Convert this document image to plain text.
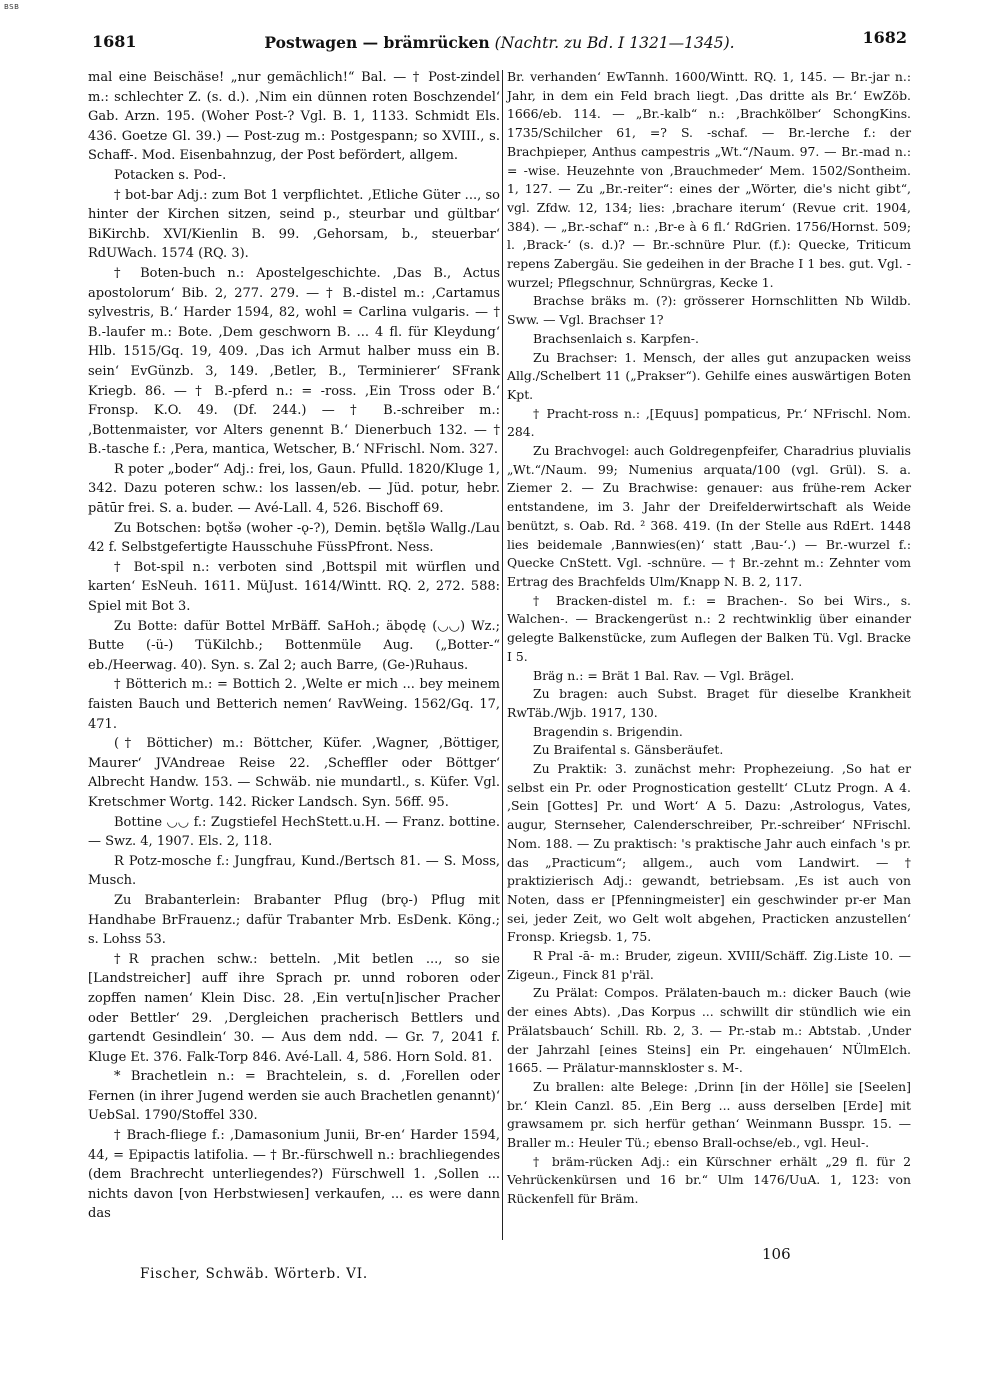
BSB
1681	Postwagen — brämrücken (Nachtr. zu Bd. I 1321—1345).	1682

mal eine Beischäse! „nur gemächlich!“ Bal. — † Post-zindel m.: schlechter Z. (s. d.). ‚Nim ein dünnen roten Boschzendel‘ Gab. Arzn. 195. (Woher Post-? Vgl. B. 1, 1133. Schmidt Els. 436. Goetze Gl. 39.) — Post-zug m.: Postgespann; so XVIII., s. Schaff-. Mod. Eisenbahnzug, der Post befördert, allgem.

Potacken s. Pod-.

† bot-bar Adj.: zum Bot 1 verpflichtet. ‚Etliche Güter ..., so hinter der Kirchen sitzen, seind p., steurbar und gültbar‘ BiKirchb. XVI/Kienlin B. 99. ‚Gehorsam, b., steuerbar‘ RdUWach. 1574 (RQ. 3).

† Boten-buch n.: Apostelgeschichte. ‚Das B., Actus apostolorum‘ Bib. 2, 277. 279. — † B.-distel m.: ‚Cartamus sylvestris, B.‘ Harder 1594, 82, wohl = Carlina vulgaris. — † B.-laufer m.: Bote. ‚Dem geschworn B. ... 4 fl. für Kleydung‘ Hlb. 1515/Gq. 19, 409. ‚Das ich Armut halber muss ein B. sein‘ EvGünzb. 3, 149. ‚Betler, B., Terminierer‘ SFrank Kriegb. 86. — † B.-pferd n.: = -ross. ‚Ein Tross oder B.‘ Fronsp. K.O. 49. (Df. 244.) — † B.-schreiber m.: ‚Bottenmaister, vor Alters genennt B.‘ Dienerbuch 132. — † B.-tasche f.: ‚Pera, mantica, Wetscher, B.‘ NFrischl. Nom. 327.

R poter „boder“ Adj.: frei, los, Gaun. Pfulld. 1820/Kluge 1, 342. Dazu poteren schw.: los lassen/eb. — Jüd. potur, hebr. pātūr frei. S. a. buder. — Avé-Lall. 4, 526. Bischoff 69.

Zu Botschen: bǫtšə (woher -ǫ-?), Demin. bętšlə Wallg./Lau 42 f. Selbstgefertigte Hausschuhe FüssPfront. Ness.

† Bot-spil n.: verboten sind ‚Bottspil mit würflen und karten‘ EsNeuh. 1611. MüJust. 1614/Wintt. RQ. 2, 272. 588: Spiel mit Bot 3.

Zu Botte: dafür Bottel MrBäff. SaHoh.; äbǫdę (◡◡) Wz.; Butte (-ü-) TüKilchb.; Bottenmüle Aug. („Botter-“ eb./Heerwag. 40). Syn. s. Zal 2; auch Barre, (Ge-)Ruhaus.

† Bötterich m.: = Bottich 2. ‚Welte er mich ... bey meinem faisten Bauch und Betterich nemen‘ RavWeing. 1562/Gq. 17, 471.

(† Böttiсher) m.: Böttcher, Küfer. ‚Wagner, ‚Böttiger, Maurer‘ JVAndreae Reise 22. ‚Scheffler oder Böttger‘ Albrecht Handw. 153. — Schwäb. nie mundartl., s. Küfer. Vgl. Kretschmer Wortg. 142. Ricker Landsch. Syn. 56ff. 95.

Bottine ◡◡ f.: Zugstiefel HechStett.u.H. — Franz. bottine. — Swz. 4, 1907. Els. 2, 118.

R Potz-mosche f.: Jungfrau, Kund./Bertsch 81. — S. Moss, Musch.

Zu Brabanterlein: Brabanter Pflug (brǫ-) Pflug mit Handhabe BrFrauenz.; dafür Trabanter Mrb. EsDenk. Köng.; s. Lohss 53.

†R prachen schw.: betteln. ‚Mit betlen ..., so sie [Landstreicher] auff ihre Sprach pr. unnd roboren oder zopffen namen‘ Klein Disc. 28. ‚Ein vertu[n]ischer Pracher oder Bettler‘ 29. ‚Dergleichen pracherisch Bettlers und gartendt Gesindlein‘ 30. — Aus dem ndd. — Gr. 7, 2041 f. Kluge Et. 376. Falk-Torp 846. Avé-Lall. 4, 586. Horn Sold. 81.

* Brachetlein n.: = Brachtelein, s. d. ‚Forellen oder Fernen (in ihrer Jugend werden sie auch Brachetlen genannt)‘ UebSal. 1790/Stoffel 330.

† Brach-fliege f.: ‚Damasonium Junii, Br-en‘ Harder 1594, 44, = Epipactis latifolia. — † Br.-fürschwell n.: brachliegendes (dem Brachrecht unterliegendes?) Fürschwell 1. ‚Sollen ... nichts davon [von Herbstwiesen] verkaufen, ... es were dann das

Br. verhanden‘ EwTannh. 1600/Wintt. RQ. 1, 145. — Br.-jar n.: Jahr, in dem ein Feld brach liegt. ‚Das dritte als Br.‘ EwZöb. 1666/eb. 114. — „Br.-kalb“ n.: ‚Brachkölber‘ SchongKins. 1735/Schilcher 61, =? S. -schaf. — Br.-lerche f.: der Brachpieper, Anthus campestris „Wt.“/Naum. 97. — Br.-mad n.: = -wise. Heuzehnte von ‚Brauchmeder‘ Mem. 1502/Sontheim. 1, 127. — Zu „Br.-reiter“: eines der „Wörter, die's nicht gibt“, vgl. Zfdw. 12, 134; lies: ‚brachare iterum‘ (Revue crit. 1904, 384). — „Br.-schaf“ n.: ‚Br-e à 6 fl.‘ RdGrien. 1756/Hornst. 509; l. ‚Brack-‘ (s. d.)? — Br.-schnüre Plur. (f.): Quecke, Triticum repens Zabergäu. Sie gedeihen in der Brache I 1 bes. gut. Vgl. -wurzel; Pflegschnur, Schnürgras, Kecke 1.

Brachse bräks m. (?): grösserer Hornschlitten Nb Wildb. Sww. — Vgl. Brachser 1?

Brachsenlaich s. Karpfen-.

Zu Brachser: 1. Mensch, der alles gut anzupacken weiss Allg./Schelbert 11 („Prakser“). Gehilfe eines auswärtigen Boten Kpt.

† Pracht-ross n.: ‚[Equus] pompaticus, Pr.‘ NFrischl. Nom. 284.

Zu Brachvogel: auch Goldregenpfeifer, Charadrius pluvialis „Wt.“/Naum. 99; Numenius arquata/100 (vgl. Grül). S. a. Ziemer 2. — Zu Brachwise: genauer: aus frühe-rem Acker entstandene, im 3. Jahr der Dreifelderwirtschaft als Weide benützt, s. Oab. Rd. ² 368. 419. (In der Stelle aus RdErt. 1448 lies beidemale ‚Bannwies(en)‘ statt ‚Bau-‘.) — Br.-wurzel f.: Quecke CnStett. Vgl. -schnüre. — † Br.-zehnt m.: Zehnter vom Ertrag des Brachfelds Ulm/Knapp N. B. 2, 117.

† Bracken-distel m. f.: = Brachen-. So bei Wirs., s. Walchen-. — Brackengerüst n.: 2 rechtwinklig über einander gelegte Balkenstücke, zum Auflegen der Balken Tü. Vgl. Bracke I 5.

Bräg n.: = Brät 1 Bal. Rav. — Vgl. Brägel.

Zu bragen: auch Subst. Braget für dieselbe Krankheit RwTäb./Wjb. 1917, 130.

Bragendin s. Brigendin.

Zu Braifental s. Gänsberäufet.

Zu Praktik: 3. zunächst mehr: Prophezeiung. ‚So hat er selbst ein Pr. oder Prognostication gestellt‘ CLutz Progn. A 4. ‚Sein [Gottes] Pr. und Wort‘ A 5. Dazu: ‚Astrologus, Vates, augur, Sternseher, Calenderschreiber, Pr.-schreiber‘ NFrischl. Nom. 188. — Zu praktisch: 's praktische Jahr auch einfach 's pr. das „Practicum“; allgem., auch vom Landwirt. — † praktizierisch Adj.: gewandt, betriebsam. ‚Es ist auch von Noten, dass er [Pfenningmeister] ein geschwinder pr-er Man sei, jeder Zeit, wo Gelt wolt abgehen, Practicken anzustellen‘ Fronsp. Kriegsb. 1, 75.

R Pral -ā- m.: Bruder, zigeun. XVIII/Schäff. Zig.Liste 10. — Zigeun., Finck 81 p'räl.

Zu Prälat: Compos. Prälaten-bauch m.: dicker Bauch (wie der eines Abts). ‚Das Korpus ... schwillt dir stündlich wie ein Prälatsbauch‘ Schill. Rb. 2, 3. — Pr.-stab m.: Abtstab. ‚Under der Jahrzahl [eines Steins] ein Pr. eingehauen‘ NÜlmElch. 1665. — Prälatur-mannskloster s. M-.

Zu brallen: alte Belege: ‚Drinn [in der Hölle] sie [Seelen] br.‘ Klein Canzl. 85. ‚Ein Berg ... auss derselben [Erde] mit grawsamem pr. sich herfür gethan‘ Weinmann Busspr. 15. — Braller m.: Heuler Tü.; ebenso Brall-ochse/eb., vgl. Heul-.

† bräm-rücken Adj.: ein Kürschner erhält „29 fl. für 2 Vehrückenkürsen und 16 br.“ Ulm 1476/UuA. 1, 123: von Rückenfell für Bräm.

Fischer, Schwäb. Wörterb. VI.
106
